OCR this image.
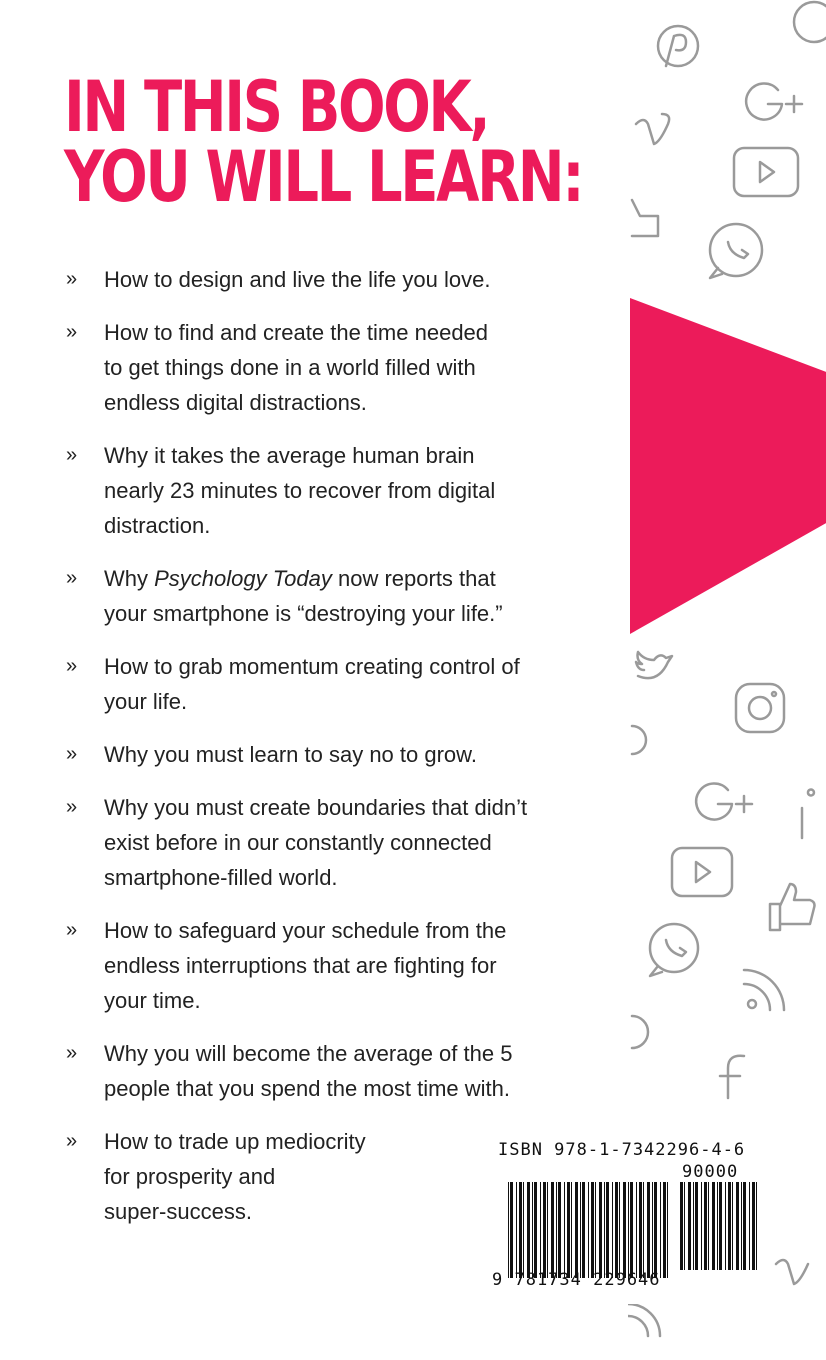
IN THIS BOOK,
YOU WILL LEARN:
»	How to design and live the life you love.
»	How to find and create the time needed
to get things done in a world filled with
endless digital distractions.
»	Why it takes the average human brain
nearly 23 minutes to recover from digital
distraction.
»	Why Psychology Today now reports that
your smartphone is “destroying your life.”
»	How to grab momentum creating control of
your life.
»	Why you must learn to say no to grow.
»	Why you must create boundaries that didn’t
exist before in our constantly connected
smartphone-filled world.
»	How to safeguard your schedule from the
endless interruptions that are fighting for
your time.
»	Why you will become the average of the 5
people that you spend the most time with.
»	How to trade up mediocrity
for prosperity and
super-success.
ISBN 978-1-7342296-4-6
90000
9 781734 229646
